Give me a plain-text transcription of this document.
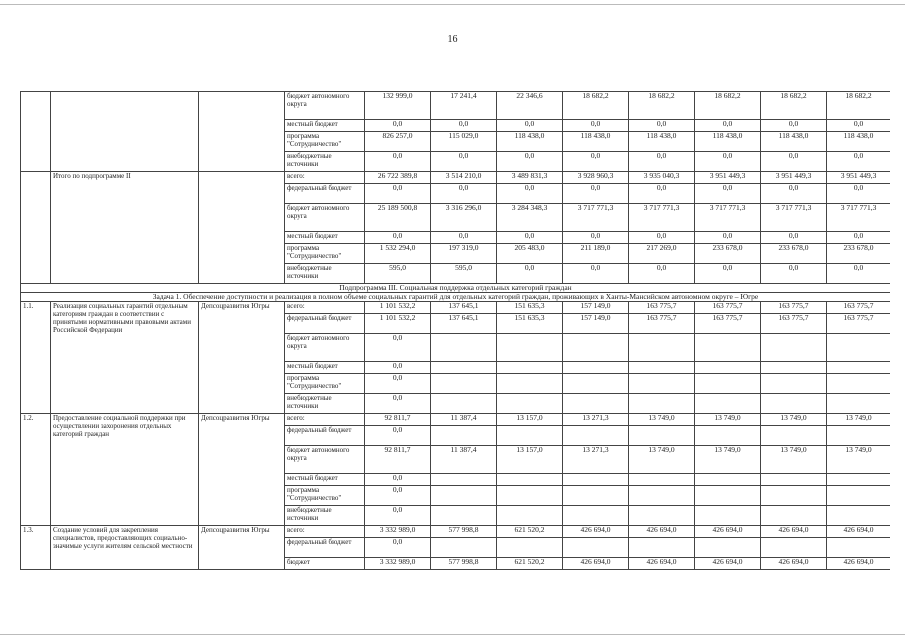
16
			бюджет автономного округа	132 999,0	17 241,4	22 346,6	18 682,2	18 682,2	18 682,2	18 682,2	18 682,2
			местный бюджет	0,0	0,0	0,0	0,0	0,0	0,0	0,0	0,0
			программа "Сотрудничество"	826 257,0	115 029,0	118 438,0	118 438,0	118 438,0	118 438,0	118 438,0	118 438,0
			внебюджетные источники	0,0	0,0	0,0	0,0	0,0	0,0	0,0	0,0
	Итого по подпрограмме II		всего:	26 722 389,8	3 514 210,0	3 489 831,3	3 928 960,3	3 935 040,3	3 951 449,3	3 951 449,3	3 951 449,3
			федеральный бюджет	0,0	0,0	0,0	0,0	0,0	0,0	0,0	0,0
			бюджет автономного округа	25 189 500,8	3 316 296,0	3 284 348,3	3 717 771,3	3 717 771,3	3 717 771,3	3 717 771,3	3 717 771,3
			местный бюджет	0,0	0,0	0,0	0,0	0,0	0,0	0,0	0,0
			программа "Сотрудничество"	1 532 294,0	197 319,0	205 483,0	211 189,0	217 269,0	233 678,0	233 678,0	233 678,0
			внебюджетные источники	595,0	595,0	0,0	0,0	0,0	0,0	0,0	0,0
Подпрограмма III. Социальная поддержка отдельных категорий граждан											
Задача 1. Обеспечение доступности и реализация в полном объеме социальных гарантий для отдельных категорий граждан, проживающих в Ханты-Мансийском автономном округе – Югре											
1.1.	Реализация социальных гарантий отдельным категориям граждан в соответствии с принятыми нормативными правовыми актами Российской Федерации	Депсоцразвития Югры	всего:	1 101 532,2	137 645,1	151 635,3	157 149,0	163 775,7	163 775,7	163 775,7	163 775,7
			федеральный бюджет	1 101 532,2	137 645,1	151 635,3	157 149,0	163 775,7	163 775,7	163 775,7	163 775,7
			бюджет автономного округа	0,0							
			местный бюджет	0,0							
			программа "Сотрудничество"	0,0							
			внебюджетные источники	0,0							
1.2.	Предоставление социальной поддержки при осуществлении захоронения отдельных категорий граждан	Депсоцразвития Югры	всего:	92 811,7	11 387,4	13 157,0	13 271,3	13 749,0	13 749,0	13 749,0	13 749,0
			федеральный бюджет	0,0							
			бюджет автономного округа	92 811,7	11 387,4	13 157,0	13 271,3	13 749,0	13 749,0	13 749,0	13 749,0
			местный бюджет	0,0							
			программа "Сотрудничество"	0,0							
			внебюджетные источники	0,0							
1.3.	Создание условий для закрепления специалистов, предоставляющих социально-значимые услуги жителям сельской местности	Депсоцразвития Югры	всего:	3 332 989,0	577 998,8	621 520,2	426 694,0	426 694,0	426 694,0	426 694,0	426 694,0
			федеральный бюджет	0,0							
			бюджет	3 332 989,0	577 998,8	621 520,2	426 694,0	426 694,0	426 694,0	426 694,0	426 694,0
